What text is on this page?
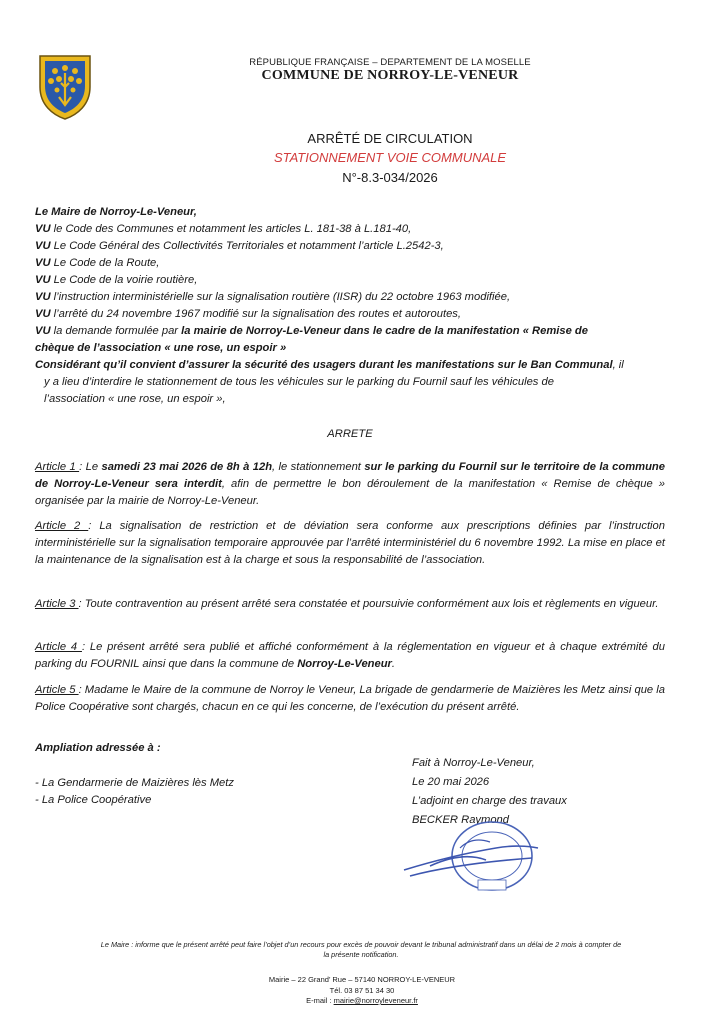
RÉPUBLIQUE FRANÇAISE – DEPARTEMENT DE LA MOSELLE
COMMUNE DE NORROY-LE-VENEUR
ARRÊTÉ DE CIRCULATION
STATIONNEMENT VOIE COMMUNALE
N°-8.3-034/2026
Le Maire de Norroy-Le-Veneur,
VU le Code des Communes et notamment les articles L. 181-38 à L.181-40,
VU Le Code Général des Collectivités Territoriales et notamment l’article L.2542-3,
VU Le Code de la Route,
VU Le Code de la voirie routière,
VU l’instruction interministérielle sur la signalisation routière (IISR) du 22 octobre 1963 modifiée,
VU l’arrêté du 24 novembre 1967 modifié sur la signalisation des routes et autoroutes,
VU la demande formulée par la mairie de Norroy-Le-Veneur dans le cadre de la manifestation « Remise de
chèque de l’association « une rose, un espoir »
Considérant qu’il convient d’assurer la sécurité des usagers durant les manifestations sur le Ban Communal, il
y a lieu d’interdire le stationnement de tous les véhicules sur le parking du Fournil sauf les véhicules de
l’association « une rose, un espoir »,
ARRETE
Article 1 : Le samedi 23 mai 2026 de 8h à 12h, le stationnement sur le parking du Fournil sur le territoire de la commune de Norroy-Le-Veneur sera interdit, afin de permettre le bon déroulement de la manifestation « Remise de chèque » organisée par la mairie de Norroy-Le-Veneur.
Article 2 : La signalisation de restriction et de déviation sera conforme aux prescriptions définies par l’instruction interministérielle sur la signalisation temporaire approuvée par l’arrêté interministériel du 6 novembre 1992. La mise en place et la maintenance de la signalisation est à la charge et sous la responsabilité de l’association.
Article 3 : Toute contravention au présent arrêté sera constatée et poursuivie conformément aux lois et règlements en vigueur.
Article 4 : Le présent arrêté sera publié et affiché conformément à la réglementation en vigueur et à chaque extrémité du parking du FOURNIL ainsi que dans la commune de Norroy-Le-Veneur.
Article 5 : Madame le Maire de la commune de Norroy le Veneur, La brigade de gendarmerie de Maizières les Metz ainsi que la Police Coopérative sont chargés, chacun en ce qui les concerne, de l’exécution du présent arrêté.
Ampliation adressée à :
- La Gendarmerie de Maizières lès Metz
- La Police Coopérative
Fait à Norroy-Le-Veneur,
Le 20 mai 2026
L’adjoint en charge des travaux
BECKER Raymond
Le Maire : informe que le présent arrêté peut faire l’objet d’un recours pour excès de pouvoir devant le tribunal administratif dans un délai de 2 mois à compter de
la présente notification.
Mairie – 22 Grand’ Rue – 57140 NORROY-LE-VENEUR
Tél. 03 87 51 34 30
E-mail : mairie@norroyleveneur.fr
